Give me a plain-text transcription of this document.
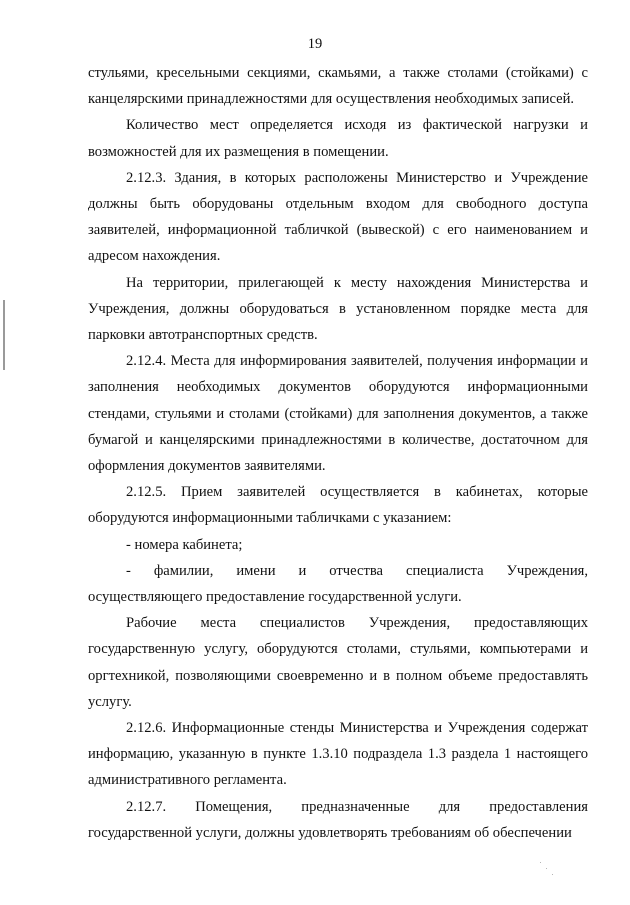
19

стульями, кресельными секциями, скамьями, а также столами (стойками) с канцелярскими принадлежностями для осуществления необходимых записей.

Количество мест определяется исходя из фактической нагрузки и возможностей для их размещения в помещении.

2.12.3. Здания, в которых расположены Министерство и Учреждение должны быть оборудованы отдельным входом для свободного доступа заявителей, информационной табличкой (вывеской) с его наименованием и адресом нахождения.

На территории, прилегающей к месту нахождения Министерства и Учреждения, должны оборудоваться в установленном порядке места для парковки автотранспортных средств.

2.12.4. Места для информирования заявителей, получения информации и заполнения необходимых документов оборудуются информационными стендами, стульями и столами (стойками) для заполнения документов, а также бумагой и канцелярскими принадлежностями в количестве, достаточном для оформления документов заявителями.

2.12.5. Прием заявителей осуществляется в кабинетах, которые оборудуются информационными табличками с указанием:

- номера кабинета;

- фамилии, имени и отчества специалиста Учреждения, осуществляющего предоставление государственной услуги.

Рабочие места специалистов Учреждения, предоставляющих государственную услугу, оборудуются столами, стульями, компьютерами и оргтехникой, позволяющими своевременно и в полном объеме предоставлять услугу.

2.12.6. Информационные стенды Министерства и Учреждения содержат информацию, указанную в пункте 1.3.10 подраздела 1.3 раздела 1 настоящего административного регламента.

2.12.7. Помещения, предназначенные для предоставления государственной услуги, должны удовлетворять требованиям об обеспечении
